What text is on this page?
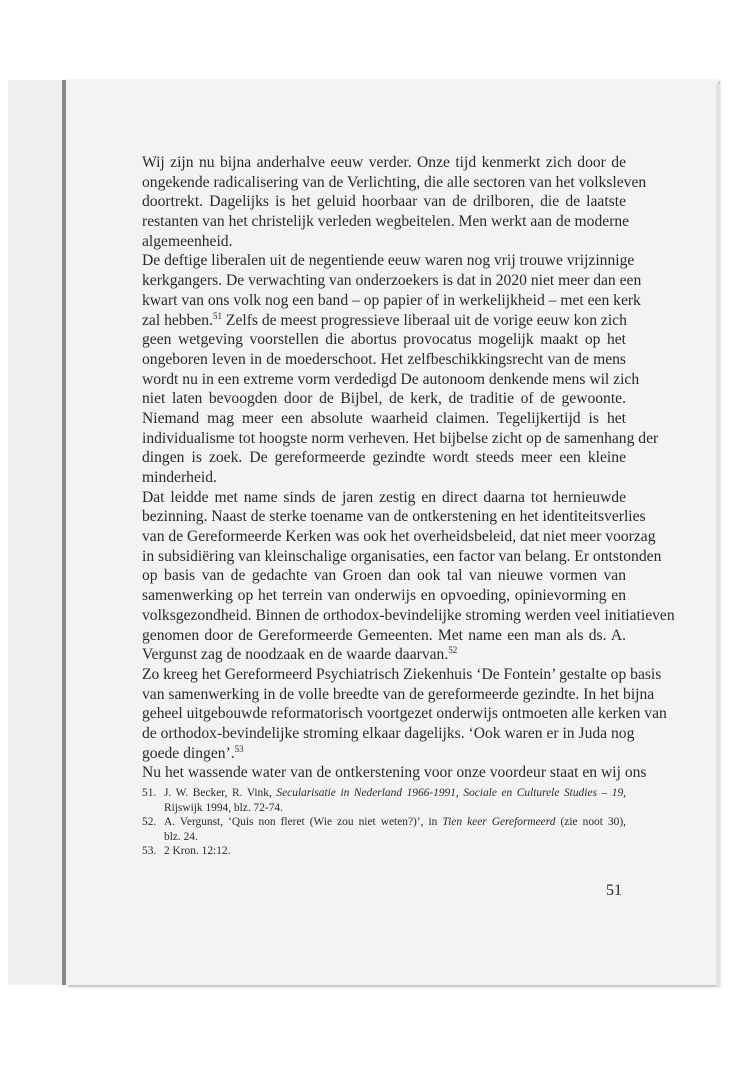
Wij zijn nu bijna anderhalve eeuw verder. Onze tijd kenmerkt zich door de
ongekende radicalisering van de Verlichting, die alle sectoren van het volksleven
doortrekt. Dagelijks is het geluid hoorbaar van de drilboren, die de laatste
restanten van het christelijk verleden wegbeitelen. Men werkt aan de moderne
algemeenheid.
De deftige liberalen uit de negentiende eeuw waren nog vrij trouwe vrijzinnige
kerkgangers. De verwachting van onderzoekers is dat in 2020 niet meer dan een
kwart van ons volk nog een band – op papier of in werkelijkheid – met een kerk
zal hebben.$^{51}$ Zelfs de meest progressieve liberaal uit de vorige eeuw kon zich
geen wetgeving voorstellen die abortus provocatus mogelijk maakt op het
ongeboren leven in de moederschoot. Het zelfbeschikkingsrecht van de mens
wordt nu in een extreme vorm verdedigd De autonoom denkende mens wil zich
niet laten bevoogden door de Bijbel, de kerk, de traditie of de gewoonte.
Niemand mag meer een absolute waarheid claimen. Tegelijkertijd is het
individualisme tot hoogste norm verheven. Het bijbelse zicht op de samenhang der
dingen is zoek. De gereformeerde gezindte wordt steeds meer een kleine
minderheid.
Dat leidde met name sinds de jaren zestig en direct daarna tot hernieuwde
bezinning. Naast de sterke toename van de ontkerstening en het identiteitsverlies
van de Gereformeerde Kerken was ook het overheidsbeleid, dat niet meer voorzag
in subsidiëring van kleinschalige organisaties, een factor van belang. Er ontstonden
op basis van de gedachte van Groen dan ook tal van nieuwe vormen van
samenwerking op het terrein van onderwijs en opvoeding, opinievorming en
volksgezondheid. Binnen de orthodox-bevindelijke stroming werden veel initiatieven
genomen door de Gereformeerde Gemeenten. Met name een man als ds. A.
Vergunst zag de noodzaak en de waarde daarvan.$^{52}$
Zo kreeg het Gereformeerd Psychiatrisch Ziekenhuis ‘De Fontein’ gestalte op basis
van samenwerking in de volle breedte van de gereformeerde gezindte. In het bijna
geheel uitgebouwde reformatorisch voortgezet onderwijs ontmoeten alle kerken van
de orthodox-bevindelijke stroming elkaar dagelijks. ‘Ook waren er in Juda nog
goede dingen’.$^{53}$
Nu het wassende water van de ontkerstening voor onze voordeur staat en wij ons
51. J. W. Becker, R. Vink, Secularisatie in Nederland 1966-1991, Sociale en Culturele Studies – 19,
Rijswijk 1994, blz. 72-74.
52. A. Vergunst, ‘Quis non fleret (Wie zou niet weten?)’, in Tien keer Gereformeerd (zie noot 30),
blz. 24.
53. 2 Kron. 12:12.
51
